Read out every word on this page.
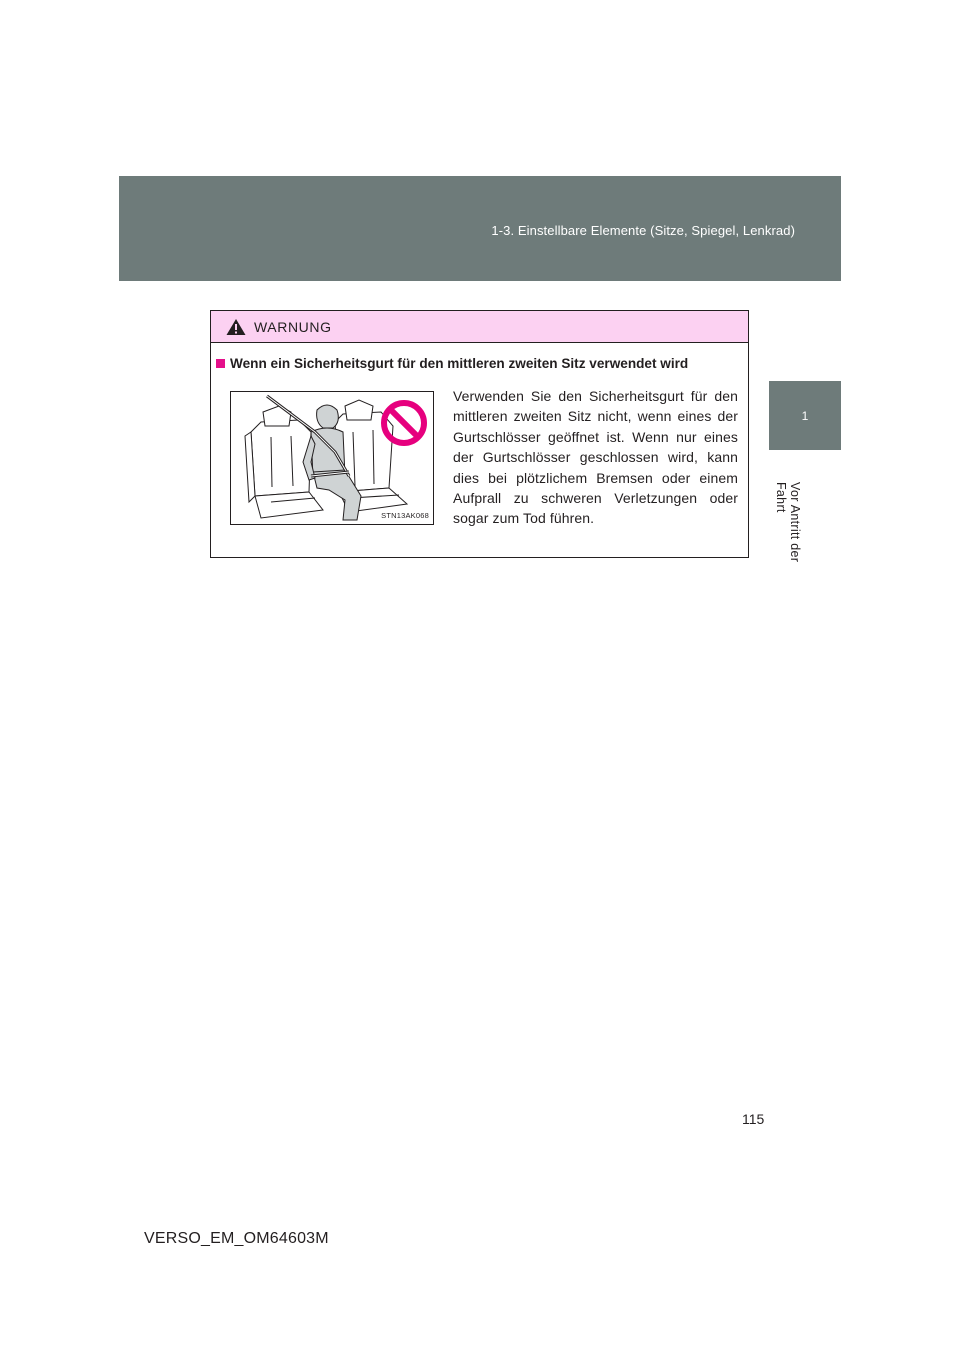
1-3. Einstellbare Elemente (Sitze, Spiegel, Lenkrad)
1
Vor Antritt der Fahrt
WARNUNG
Wenn ein Sicherheitsgurt für den mittleren zweiten Sitz verwendet wird
STN13AK068
Verwenden Sie den Sicherheitsgurt für den mittleren zweiten Sitz nicht, wenn eines der Gurtschlösser geöffnet ist. Wenn nur eines der Gurtschlösser geschlossen wird, kann dies bei plötzlichem Bremsen oder einem Aufprall zu schweren Verletzungen oder sogar zum Tod führen.
115
VERSO_EM_OM64603M
